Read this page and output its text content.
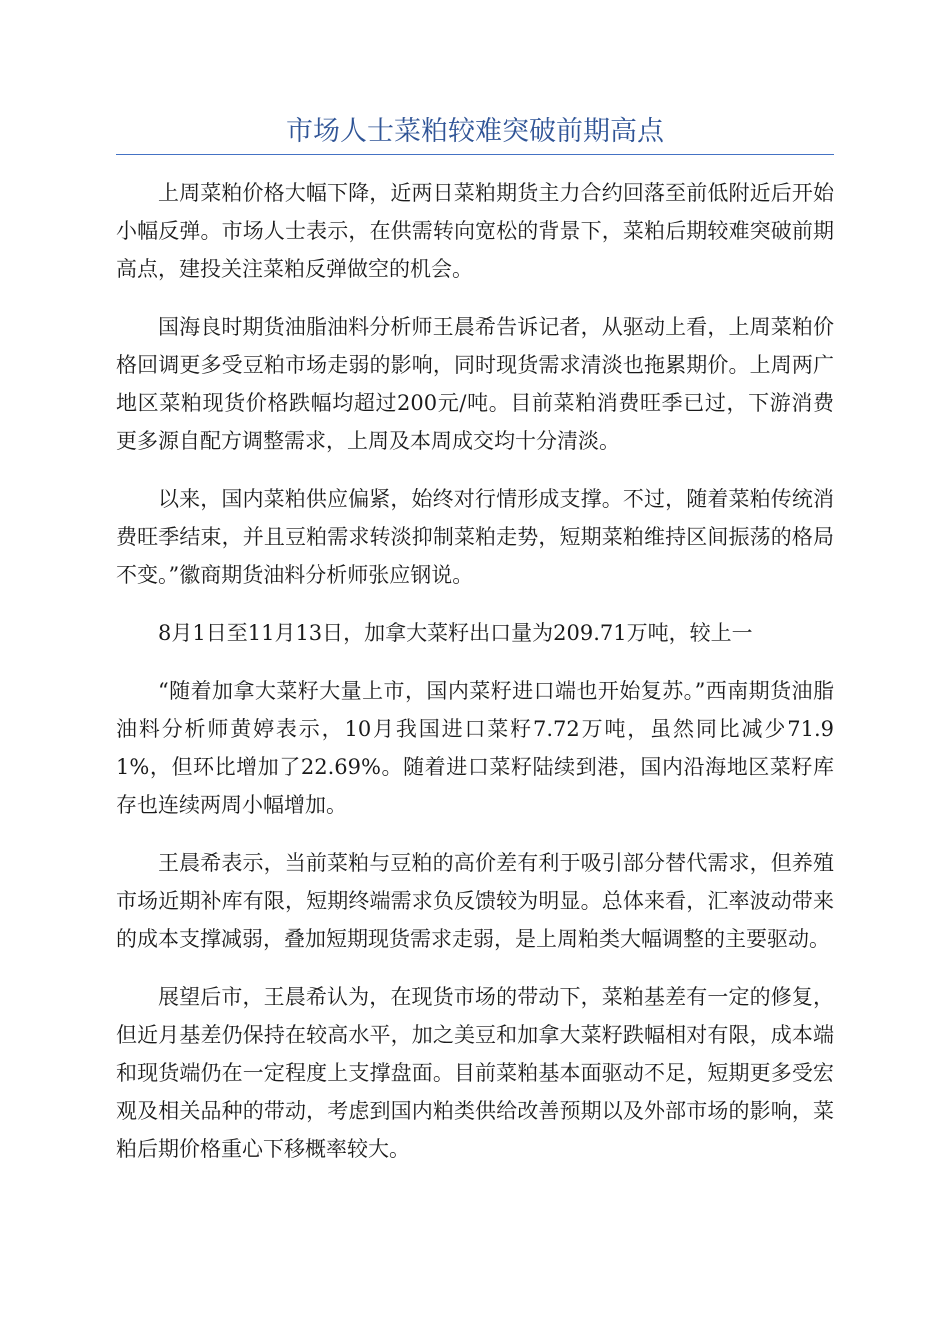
市场人士菜粕较难突破前期高点

上周菜粕价格大幅下降，近两日菜粕期货主力合约回落至前低附近后开始小幅反弹。市场人士表示，在供需转向宽松的背景下，菜粕后期较难突破前期高点，建投关注菜粕反弹做空的机会。

国海良时期货油脂油料分析师王晨希告诉记者，从驱动上看，上周菜粕价格回调更多受豆粕市场走弱的影响，同时现货需求清淡也拖累期价。上周两广地区菜粕现货价格跌幅均超过200元/吨。目前菜粕消费旺季已过，下游消费更多源自配方调整需求，上周及本周成交均十分清淡。

以来，国内菜粕供应偏紧，始终对行情形成支撑。不过，随着菜粕传统消费旺季结束，并且豆粕需求转淡抑制菜粕走势，短期菜粕维持区间振荡的格局不变。”徽商期货油料分析师张应钢说。

8月1日至11月13日，加拿大菜籽出口量为209.71万吨，较上一

“随着加拿大菜籽大量上市，国内菜籽进口端也开始复苏。”西南期货油脂油料分析师黄婷表示，10月我国进口菜籽7.72万吨，虽然同比减少71.91%，但环比增加了22.69%。随着进口菜籽陆续到港，国内沿海地区菜籽库存也连续两周小幅增加。

王晨希表示，当前菜粕与豆粕的高价差有利于吸引部分替代需求，但养殖市场近期补库有限，短期终端需求负反馈较为明显。总体来看，汇率波动带来的成本支撑减弱，叠加短期现货需求走弱，是上周粕类大幅调整的主要驱动。

展望后市，王晨希认为，在现货市场的带动下，菜粕基差有一定的修复，但近月基差仍保持在较高水平，加之美豆和加拿大菜籽跌幅相对有限，成本端和现货端仍在一定程度上支撑盘面。目前菜粕基本面驱动不足，短期更多受宏观及相关品种的带动，考虑到国内粕类供给改善预期以及外部市场的影响，菜粕后期价格重心下移概率较大。
